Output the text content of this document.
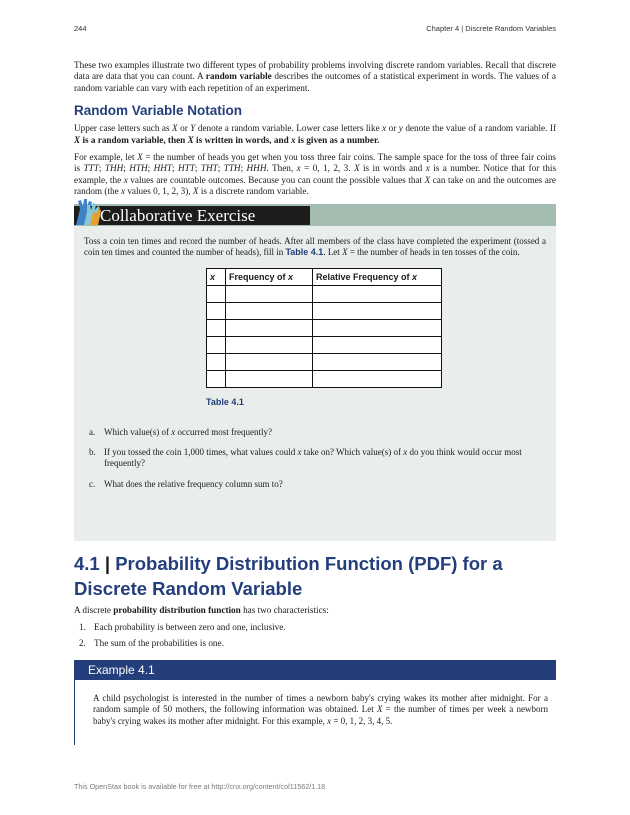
244	Chapter 4 | Discrete Random Variables

These two examples illustrate two different types of probability problems involving discrete random variables. Recall that discrete data are data that you can count. A random variable describes the outcomes of a statistical experiment in words. The values of a random variable can vary with each repetition of an experiment.

Random Variable Notation

Upper case letters such as X or Y denote a random variable. Lower case letters like x or y denote the value of a random variable. If X is a random variable, then X is written in words, and x is given as a number.

For example, let X = the number of heads you get when you toss three fair coins. The sample space for the toss of three fair coins is TTT; THH; HTH; HHT; HTT; THT; TTH; HHH. Then, x = 0, 1, 2, 3. X is in words and x is a number. Notice that for this example, the x values are countable outcomes. Because you can count the possible values that X can take on and the outcomes are random (the x values 0, 1, 2, 3), X is a discrete random variable.

Collaborative Exercise

Toss a coin ten times and record the number of heads. After all members of the class have completed the experiment (tossed a coin ten times and counted the number of heads), fill in Table 4.1. Let X = the number of heads in ten tosses of the coin.

x	Frequency of x	Relative Frequency of x

Table 4.1
a. Which value(s) of x occurred most frequently?
b. If you tossed the coin 1,000 times, what values could x take on? Which value(s) of x do you think would occur most frequently?
c. What does the relative frequency column sum to?
4.1 | Probability Distribution Function (PDF) for a Discrete Random Variable

A discrete probability distribution function has two characteristics:

1. Each probability is between zero and one, inclusive.
2. The sum of the probabilities is one.
Example 4.1

A child psychologist is interested in the number of times a newborn baby's crying wakes its mother after midnight. For a random sample of 50 mothers, the following information was obtained. Let X = the number of times per week a newborn baby's crying wakes its mother after midnight. For this example, x = 0, 1, 2, 3, 4, 5.

This OpenStax book is available for free at http://cnx.org/content/col11562/1.18
